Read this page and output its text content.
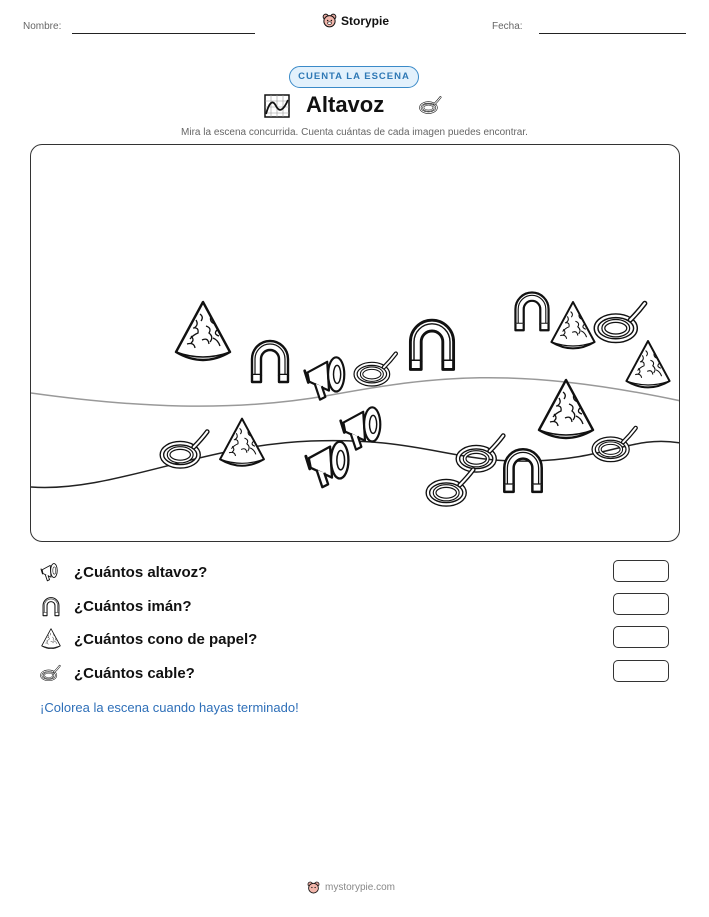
Nombre:	Storypie	Fecha:
CUENTA LA ESCENA
Altavoz
Mira la escena concurrida. Cuenta cuántas de cada imagen puedes encontrar.
¿Cuántos altavoz?
¿Cuántos imán?
¿Cuántos cono de papel?
¿Cuántos cable?
¡Colorea la escena cuando hayas terminado!
mystorypie.com
